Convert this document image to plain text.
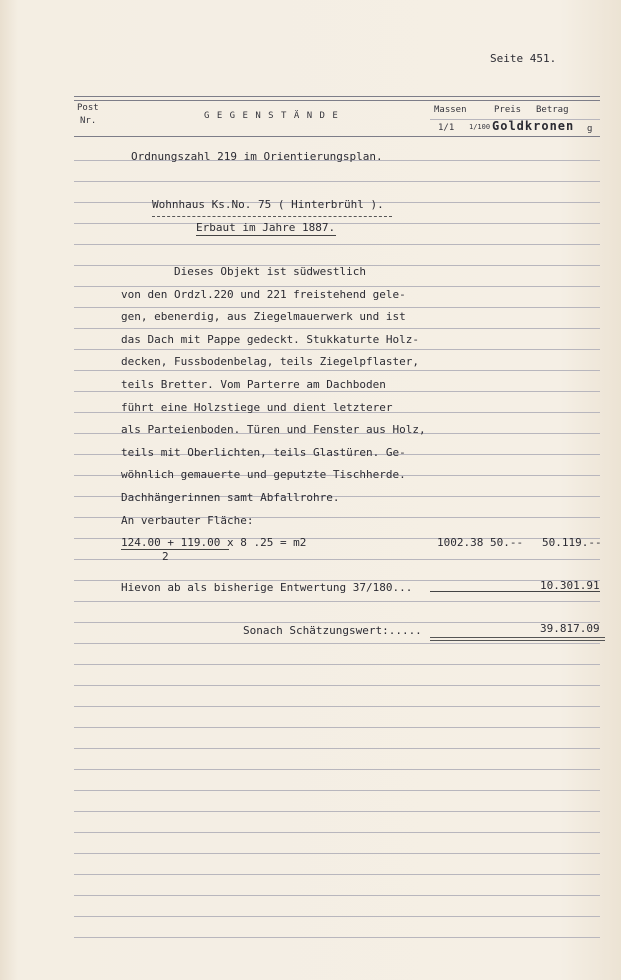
Seite 451.
Post
Nr.	G E G E N S T Ä N D E
Massen	Preis Betrag
1/1 1/100 Goldkronen g
Ordnungszahl 219 im Orientierungsplan.
Wohnhaus Ks.No. 75 ( Hinterbrühl ).
Erbaut im Jahre 1887.
Dieses Objekt ist südwestlich
von den Ordzl.220 und 221 freistehend gele-
gen, ebenerdig, aus Ziegelmauerwerk und ist
das Dach mit Pappe gedeckt. Stukkaturte Holz-
decken, Fussbodenbelag, teils Ziegelpflaster,
teils Bretter. Vom Parterre am Dachboden
führt eine Holzstiege und dient letzterer
als Parteienboden. Türen und Fenster aus Holz,
teils mit Oberlichten, teils Glastüren. Ge-
wöhnlich gemauerte und geputzte Tischherde.
Dachhängerinnen samt Abfallrohre.
An verbauter Fläche:
124.00 + 119.00 x 8 .25 = m2
2
1002.38 50.-- 50.119.--
Hievon ab als bisherige Entwertung 37/180...	10.301.91
Sonach Schätzungswert:.....	39.817.09
